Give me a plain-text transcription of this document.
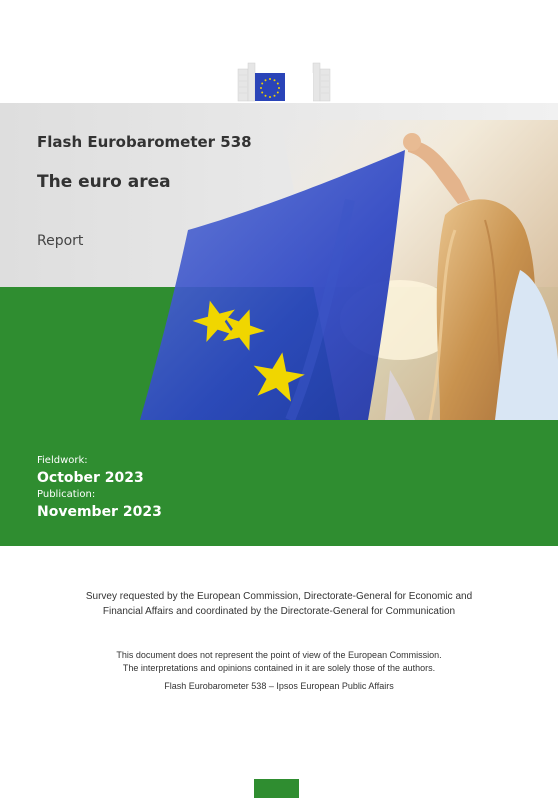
Flash Eurobarometer 538
The euro area
Report
Fieldwork:
October 2023
Publication:
November 2023
Survey requested by the European Commission, Directorate-General for Economic and
Financial Affairs and coordinated by the Directorate-General for Communication
This document does not represent the point of view of the European Commission.
The interpretations and opinions contained in it are solely those of the authors.
Flash Eurobarometer 538 – Ipsos European Public Affairs
